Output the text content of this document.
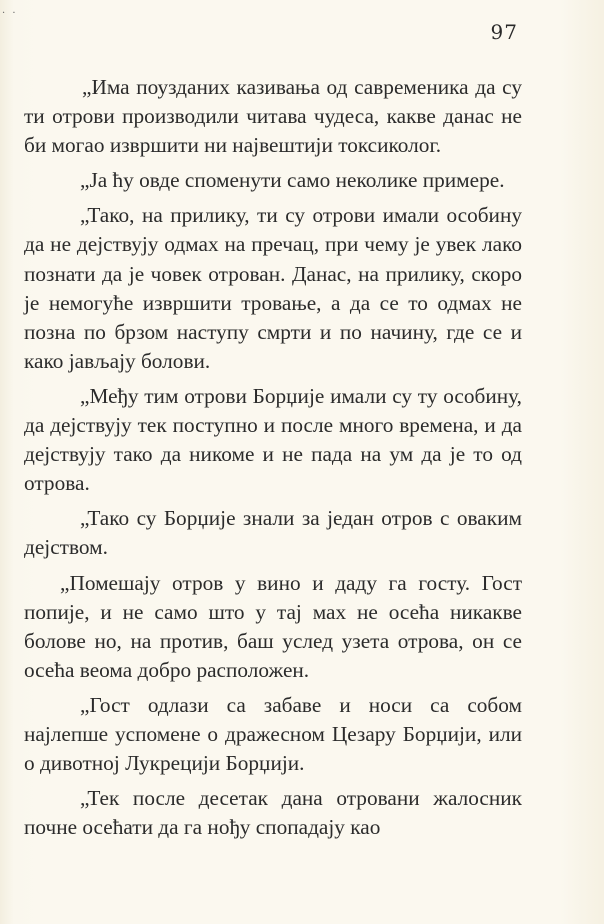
· ·
97

„Има поузданих казивања од савременика да су ти отрови производили читава чудеса, какве данас не би могао извршити ни највештији токсиколог.

„Ја ћу овде споменути само неколике примере.

„Тако, на прилику, ти су отрови имали особину да не дејствују одмах на пречац, при чему је увек лако познати да је човек отрован. Данас, на прилику, скоро је немогуће извршити тровање, а да се то одмах не позна по брзом наступу смрти и по начину, где се и како јављају болови.

„Међу тим отрови Борџије имали су ту особину, да дејствују тек поступно и после много времена, и да дејствују тако да никоме и не пада на ум да је то од отрова.

„Тако су Борџије знали за један отров с оваким дејством.

„Помешају отров у вино и даду га госту. Гост попије, и не само што у тај мах не осећа никакве болове но, на против, баш услед узета отрова, он се осећа веома добро расположен.

„Гост одлази са забаве и носи са собом најлепше успомене о дражесном Цезару Борџији, или о дивотној Лукрецији Борџији.

„Тек после десетак дана отровани жалосник почне осећати да га нођу спопадају као
